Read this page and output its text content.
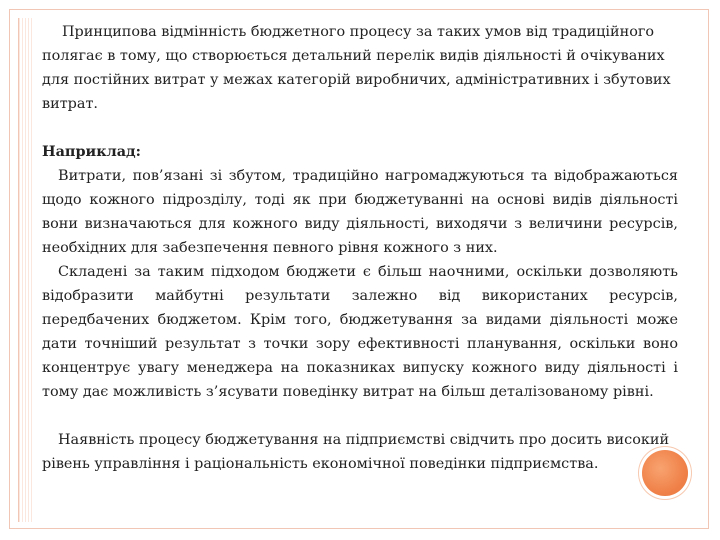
Принципова відмінність бюджетного процесу за таких умов від традиційного полягає в тому, що створюється детальний перелік видів діяльності й очікуваних для постійних витрат у межах категорій виробничих, адміністративних і збутових витрат.

Наприклад:

Витрати, пов’язані зі збутом, традиційно нагромаджуються та відображаються щодо кожного підрозділу, тоді як при бюджетуванні на основі видів діяльності вони визначаються для кожного виду діяльності, виходячи з величини ресурсів, необхідних для забезпечення певного рівня кожного з них.

Складені за таким підходом бюджети є більш наочними, оскільки дозволяють відобразити майбутні результати залежно від використаних ресурсів, передбачених бюджетом. Крім того, бюджетування за видами діяльності може дати точніший результат з точки зору ефективності планування, оскільки воно концентрує увагу менеджера на показниках випуску кожного виду діяльності і тому дає можливість з’ясувати поведінку витрат на більш деталізованому рівні.

Наявність процесу бюджетування на підприємстві свідчить про досить високий рівень управління і раціональність економічної поведінки підприємства.
